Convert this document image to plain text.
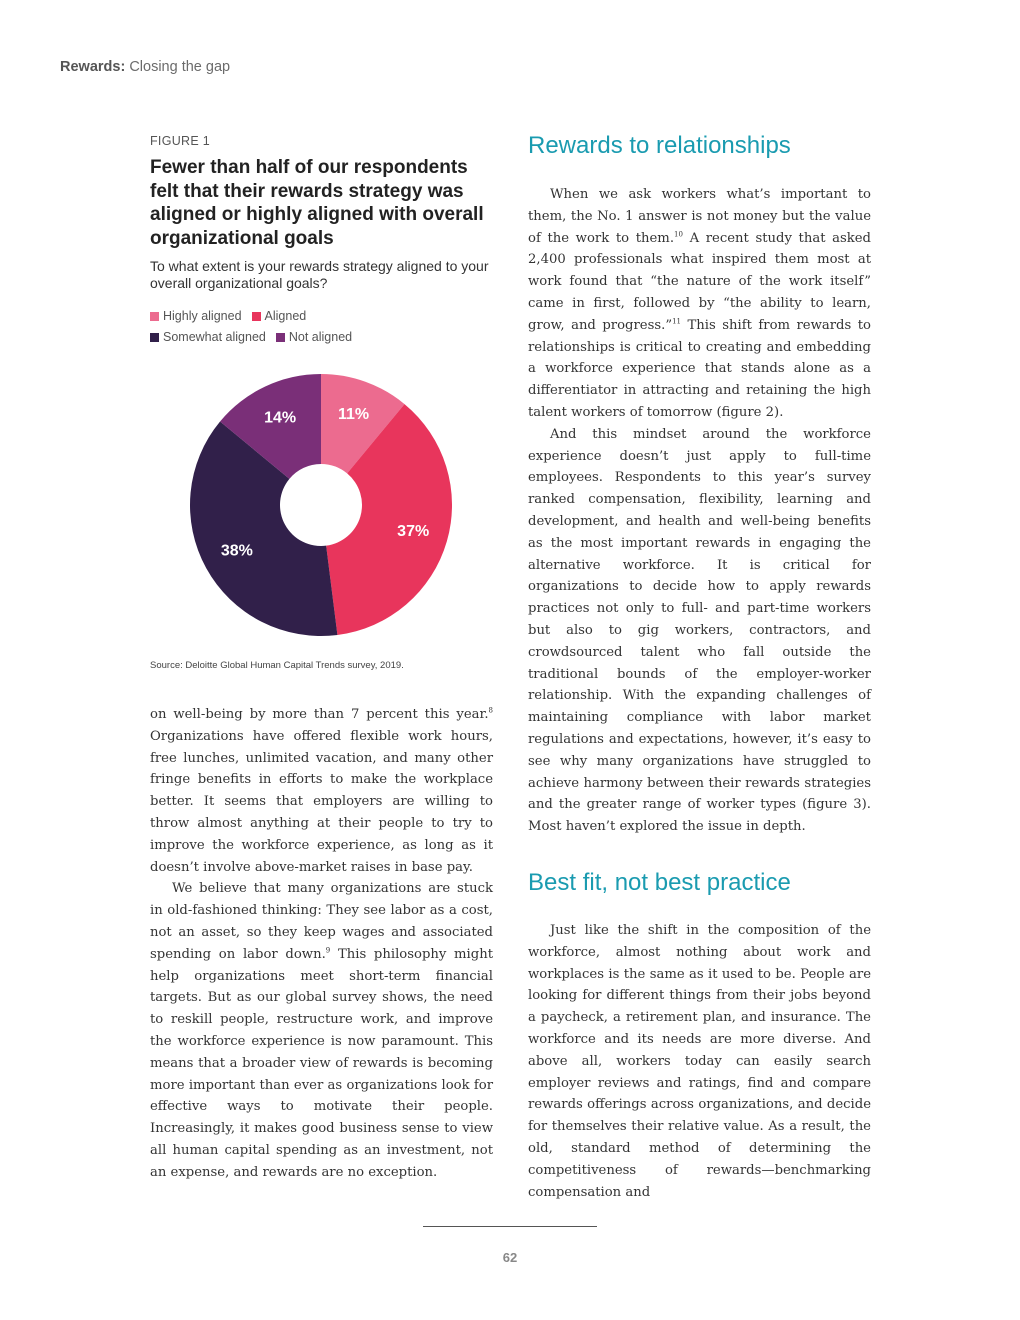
Rewards: Closing the gap
FIGURE 1
Fewer than half of our respondents felt that their rewards strategy was aligned or highly aligned with overall organizational goals
To what extent is your rewards strategy aligned to your overall organizational goals?
Highly aligned Aligned
Somewhat aligned Not aligned
11%
37%
38%
14%
Source: Deloitte Global Human Capital Trends survey, 2019.

on well-being by more than 7 percent this year.$^8$ Organizations have offered flexible work hours, free lunches, unlimited vacation, and many other fringe benefits in efforts to make the workplace better. It seems that employers are willing to throw almost anything at their people to try to improve the workforce experience, as long as it doesn’t involve above-market raises in base pay.

We believe that many organizations are stuck in old-fashioned thinking: They see labor as a cost, not an asset, so they keep wages and associated spending on labor down.$^9$ This philosophy might help organizations meet short-term financial targets. But as our global survey shows, the need to reskill people, restructure work, and improve the workforce experience is now paramount. This means that a broader view of rewards is becoming more important than ever as organizations look for effective ways to motivate their people. Increasingly, it makes good business sense to view all human capital spending as an investment, not an expense, and rewards are no exception.

Rewards to relationships

When we ask workers what’s important to them, the No. 1 answer is not money but the value of the work to them.$^{10}$ A recent study that asked 2,400 professionals what inspired them most at work found that “the nature of the work itself” came in first, followed by “the ability to learn, grow, and progress.”$^{11}$ This shift from rewards to relationships is critical to creating and embedding a workforce experience that stands alone as a differentiator in attracting and retaining the high talent workers of tomorrow (figure 2).

And this mindset around the workforce experience doesn’t just apply to full-time employees. Respondents to this year’s survey ranked compensation, flexibility, learning and development, and health and well-being benefits as the most important rewards in engaging the alternative workforce. It is critical for organizations to decide how to apply rewards practices not only to full- and part-time workers but also to gig workers, contractors, and crowdsourced talent who fall outside the traditional bounds of the employer-worker relationship. With the expanding challenges of maintaining compliance with labor market regulations and expectations, however, it’s easy to see why many organizations have struggled to achieve harmony between their rewards strategies and the greater range of worker types (figure 3). Most haven’t explored the issue in depth.

Best fit, not best practice

Just like the shift in the composition of the workforce, almost nothing about work and workplaces is the same as it used to be. People are looking for different things from their jobs beyond a paycheck, a retirement plan, and insurance. The workforce and its needs are more diverse. And above all, workers today can easily search employer reviews and ratings, find and compare rewards offerings across organizations, and decide for themselves their relative value. As a result, the old, standard method of determining the competitiveness of rewards—benchmarking compensation and

62
